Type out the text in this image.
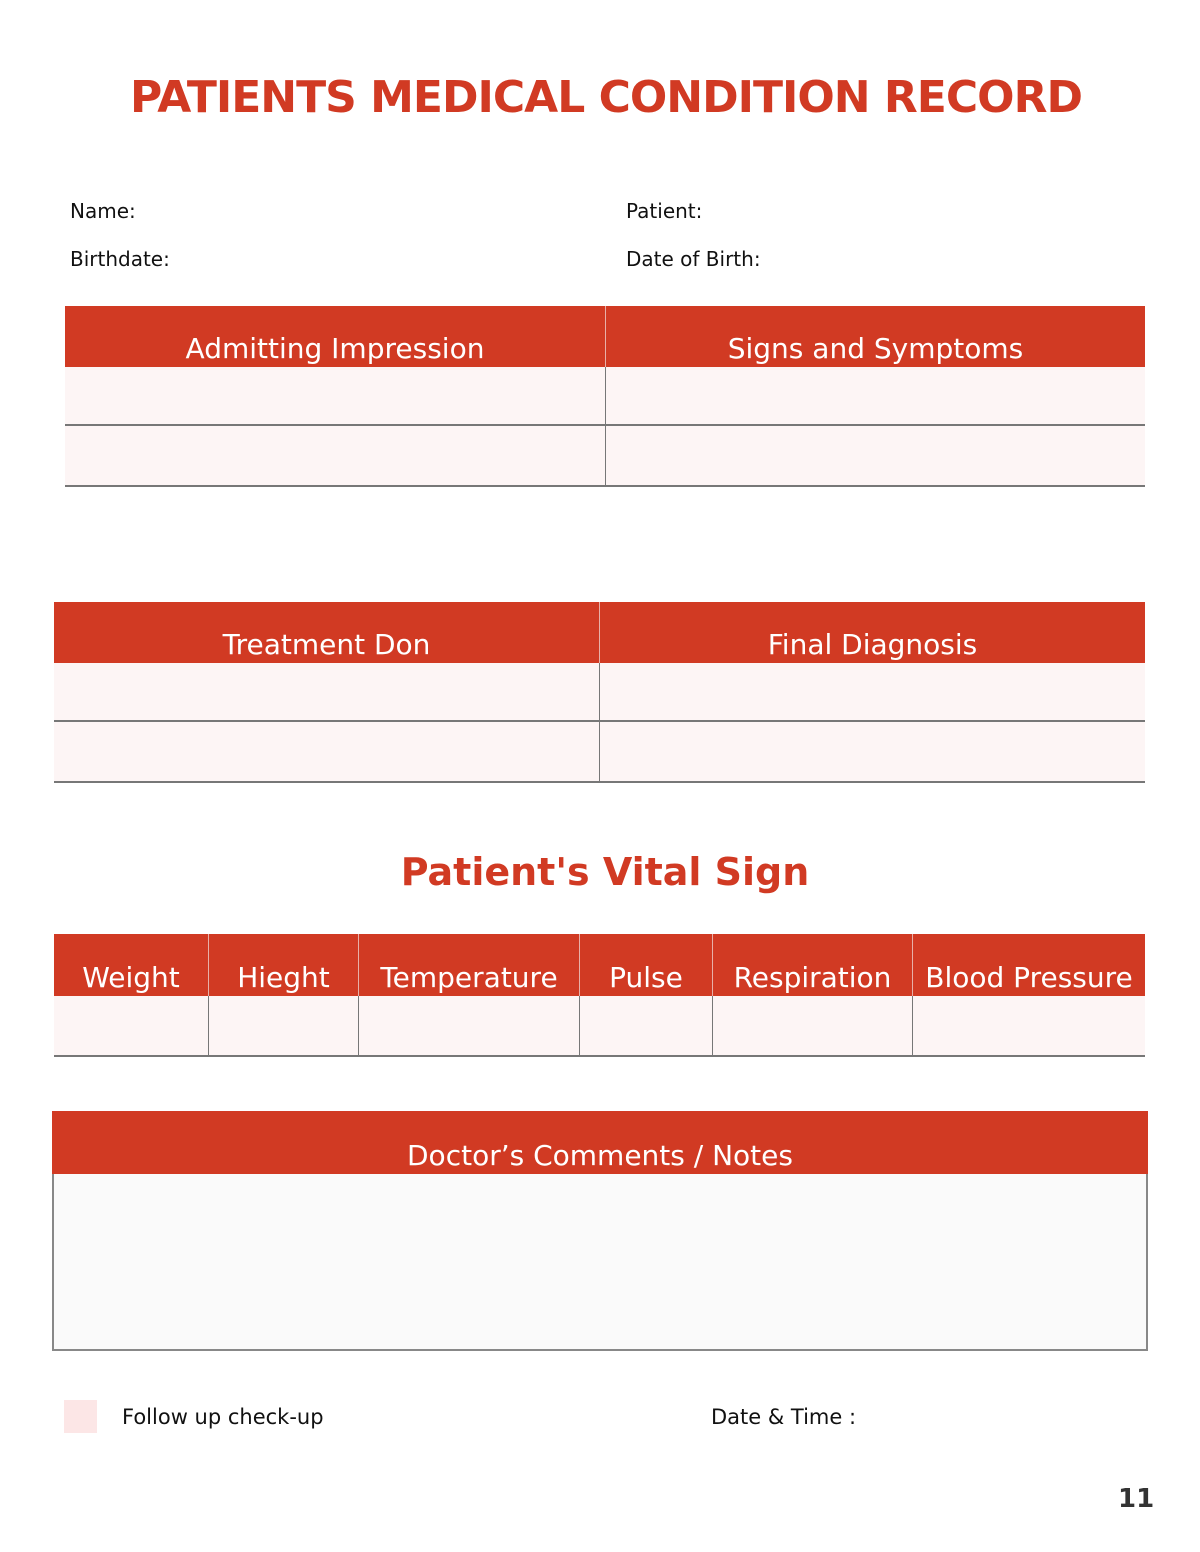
PATIENTS MEDICAL CONDITION RECORD
Name:	Patient:
Birthdate:	Date of Birth:
Admitting Impression	Signs and Symptoms
Treatment Don	Final Diagnosis
Patient's Vital Sign
Weight	Hieght	Temperature	Pulse	Respiration	Blood Pressure
Doctor’s Comments / Notes
Follow up check-up	Date & Time :
11
